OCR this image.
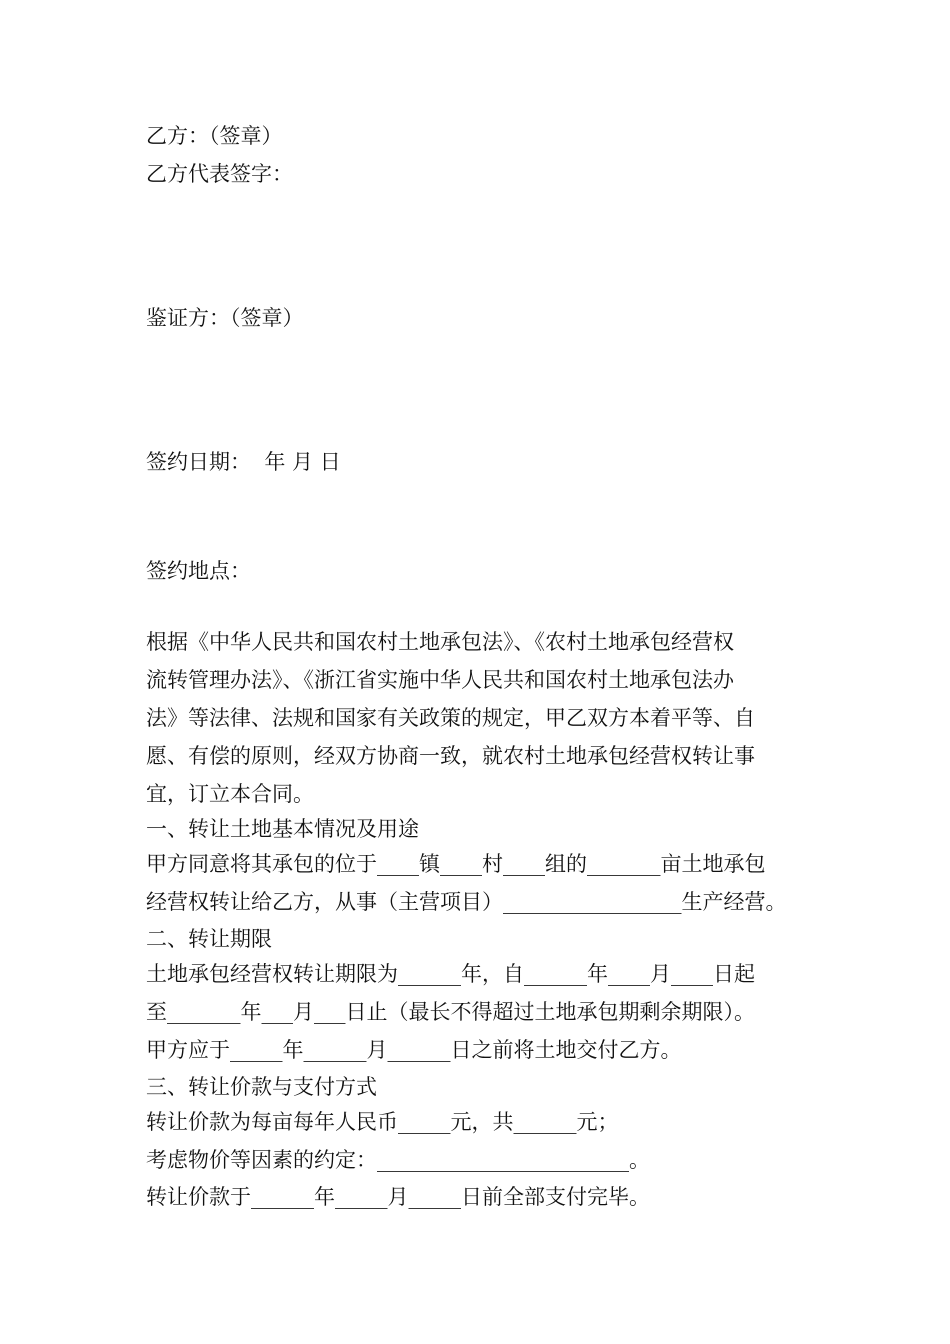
乙方：（签章）

乙方代表签字：

鉴证方：（签章）

签约日期：  年 月 日

签约地点：

根据《中华人民共和国农村土地承包法》、《农村土地承包经营权

流转管理办法》、《浙江省实施中华人民共和国农村土地承包法办

法》等法律、法规和国家有关政策的规定，甲乙双方本着平等、自

愿、有偿的原则，经双方协商一致，就农村土地承包经营权转让事

宜，订立本合同。

一、转让土地基本情况及用途

甲方同意将其承包的位于____镇____村____组的_______亩土地承包

经营权转让给乙方，从事（主营项目）_________________生产经营。

二、转让期限

土地承包经营权转让期限为______年，自______年____月____日起

至_______年___月___日止（最长不得超过土地承包期剩余期限）。

甲方应于_____年______月______日之前将土地交付乙方。

三、转让价款与支付方式

转让价款为每亩每年人民币_____元，共______元；

考虑物价等因素的约定：________________________。

转让价款于______年_____月_____日前全部支付完毕。
